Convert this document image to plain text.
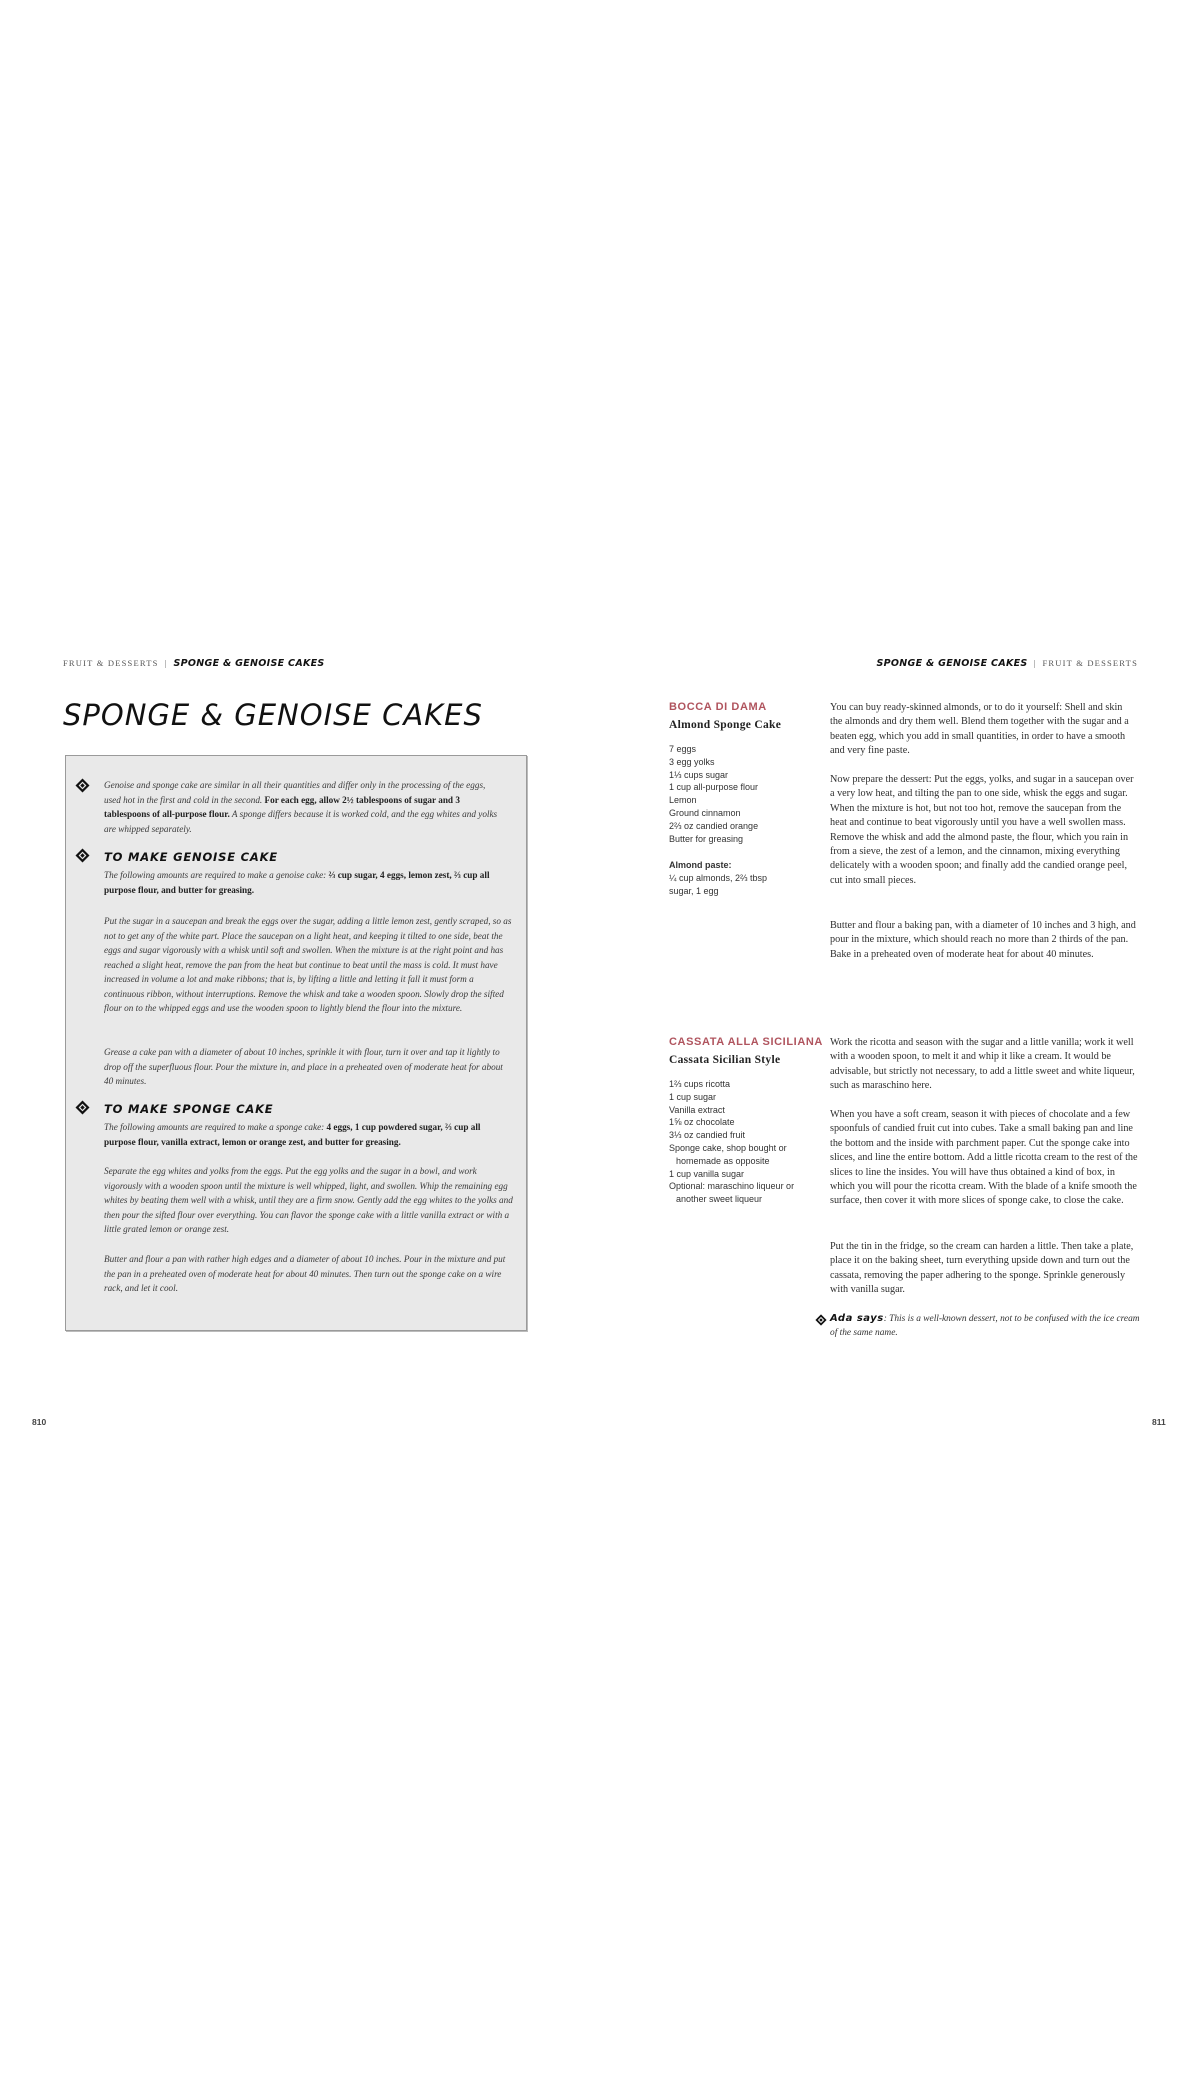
FRUIT & DESSERTS | SPONGE & GENOISE CAKES
SPONGE & GENOISE CAKES

Genoise and sponge cake are similar in all their quantities and differ only in the processing of the eggs, used hot in the first and cold in the second. For each egg, allow 2½ tablespoons of sugar and 3 tablespoons of all-purpose flour. A sponge differs because it is worked cold, and the egg whites and yolks are whipped separately.

TO MAKE GENOISE CAKE

The following amounts are required to make a genoise cake: ⅔ cup sugar, 4 eggs, lemon zest, ⅔ cup all purpose flour, and butter for greasing.

Put the sugar in a saucepan and break the eggs over the sugar, adding a little lemon zest, gently scraped, so as not to get any of the white part. Place the saucepan on a light heat, and keeping it tilted to one side, beat the eggs and sugar vigorously with a whisk until soft and swollen. When the mixture is at the right point and has reached a slight heat, remove the pan from the heat but continue to beat until the mass is cold. It must have increased in volume a lot and make ribbons; that is, by lifting a little and letting it fall it must form a continuous ribbon, without interruptions. Remove the whisk and take a wooden spoon. Slowly drop the sifted flour on to the whipped eggs and use the wooden spoon to lightly blend the flour into the mixture.

Grease a cake pan with a diameter of about 10 inches, sprinkle it with flour, turn it over and tap it lightly to drop off the superfluous flour. Pour the mixture in, and place in a preheated oven of moderate heat for about 40 minutes.

TO MAKE SPONGE CAKE

The following amounts are required to make a sponge cake: 4 eggs, 1 cup powdered sugar, ⅔ cup all purpose flour, vanilla extract, lemon or orange zest, and butter for greasing.

Separate the egg whites and yolks from the eggs. Put the egg yolks and the sugar in a bowl, and work vigorously with a wooden spoon until the mixture is well whipped, light, and swollen. Whip the remaining egg whites by beating them well with a whisk, until they are a firm snow. Gently add the egg whites to the yolks and then pour the sifted flour over everything. You can flavor the sponge cake with a little vanilla extract or with a little grated lemon or orange zest.

Butter and flour a pan with rather high edges and a diameter of about 10 inches. Pour in the mixture and put the pan in a preheated oven of moderate heat for about 40 minutes. Then turn out the sponge cake on a wire rack, and let it cool.

810
SPONGE & GENOISE CAKES | FRUIT & DESSERTS
BOCCA DI DAMA
Almond Sponge Cake
7 eggs
3 egg yolks
1⅓ cups sugar
1 cup all-purpose flour
Lemon
Ground cinnamon
2⅔ oz candied orange
Butter for greasing
Almond paste:
¼ cup almonds, 2⅔ tbsp
sugar, 1 egg

You can buy ready-skinned almonds, or to do it yourself: Shell and skin the almonds and dry them well. Blend them together with the sugar and a beaten egg, which you add in small quantities, in order to have a smooth and very fine paste.

Now prepare the dessert: Put the eggs, yolks, and sugar in a saucepan over a very low heat, and tilting the pan to one side, whisk the eggs and sugar. When the mixture is hot, but not too hot, remove the saucepan from the heat and continue to beat vigorously until you have a well swollen mass. Remove the whisk and add the almond paste, the flour, which you rain in from a sieve, the zest of a lemon, and the cinnamon, mixing everything delicately with a wooden spoon; and finally add the candied orange peel, cut into small pieces.

Butter and flour a baking pan, with a diameter of 10 inches and 3 high, and pour in the mixture, which should reach no more than 2 thirds of the pan. Bake in a preheated oven of moderate heat for about 40 minutes.

CASSATA ALLA SICILIANA
Cassata Sicilian Style
1⅔ cups ricotta
1 cup sugar
Vanilla extract
1⅝ oz chocolate
3⅓ oz candied fruit
Sponge cake, shop bought or
homemade as opposite
1 cup vanilla sugar
Optional: maraschino liqueur or
another sweet liqueur

Work the ricotta and season with the sugar and a little vanilla; work it well with a wooden spoon, to melt it and whip it like a cream. It would be advisable, but strictly not necessary, to add a little sweet and white liqueur, such as maraschino here.

When you have a soft cream, season it with pieces of chocolate and a few spoonfuls of candied fruit cut into cubes. Take a small baking pan and line the bottom and the inside with parchment paper. Cut the sponge cake into slices, and line the entire bottom. Add a little ricotta cream to the rest of the slices to line the insides. You will have thus obtained a kind of box, in which you will pour the ricotta cream. With the blade of a knife smooth the surface, then cover it with more slices of sponge cake, to close the cake.

Put the tin in the fridge, so the cream can harden a little. Then take a plate, place it on the baking sheet, turn everything upside down and turn out the cassata, removing the paper adhering to the sponge. Sprinkle generously with vanilla sugar.

Ada says: This is a well-known dessert, not to be confused with the ice cream of the same name.

811
